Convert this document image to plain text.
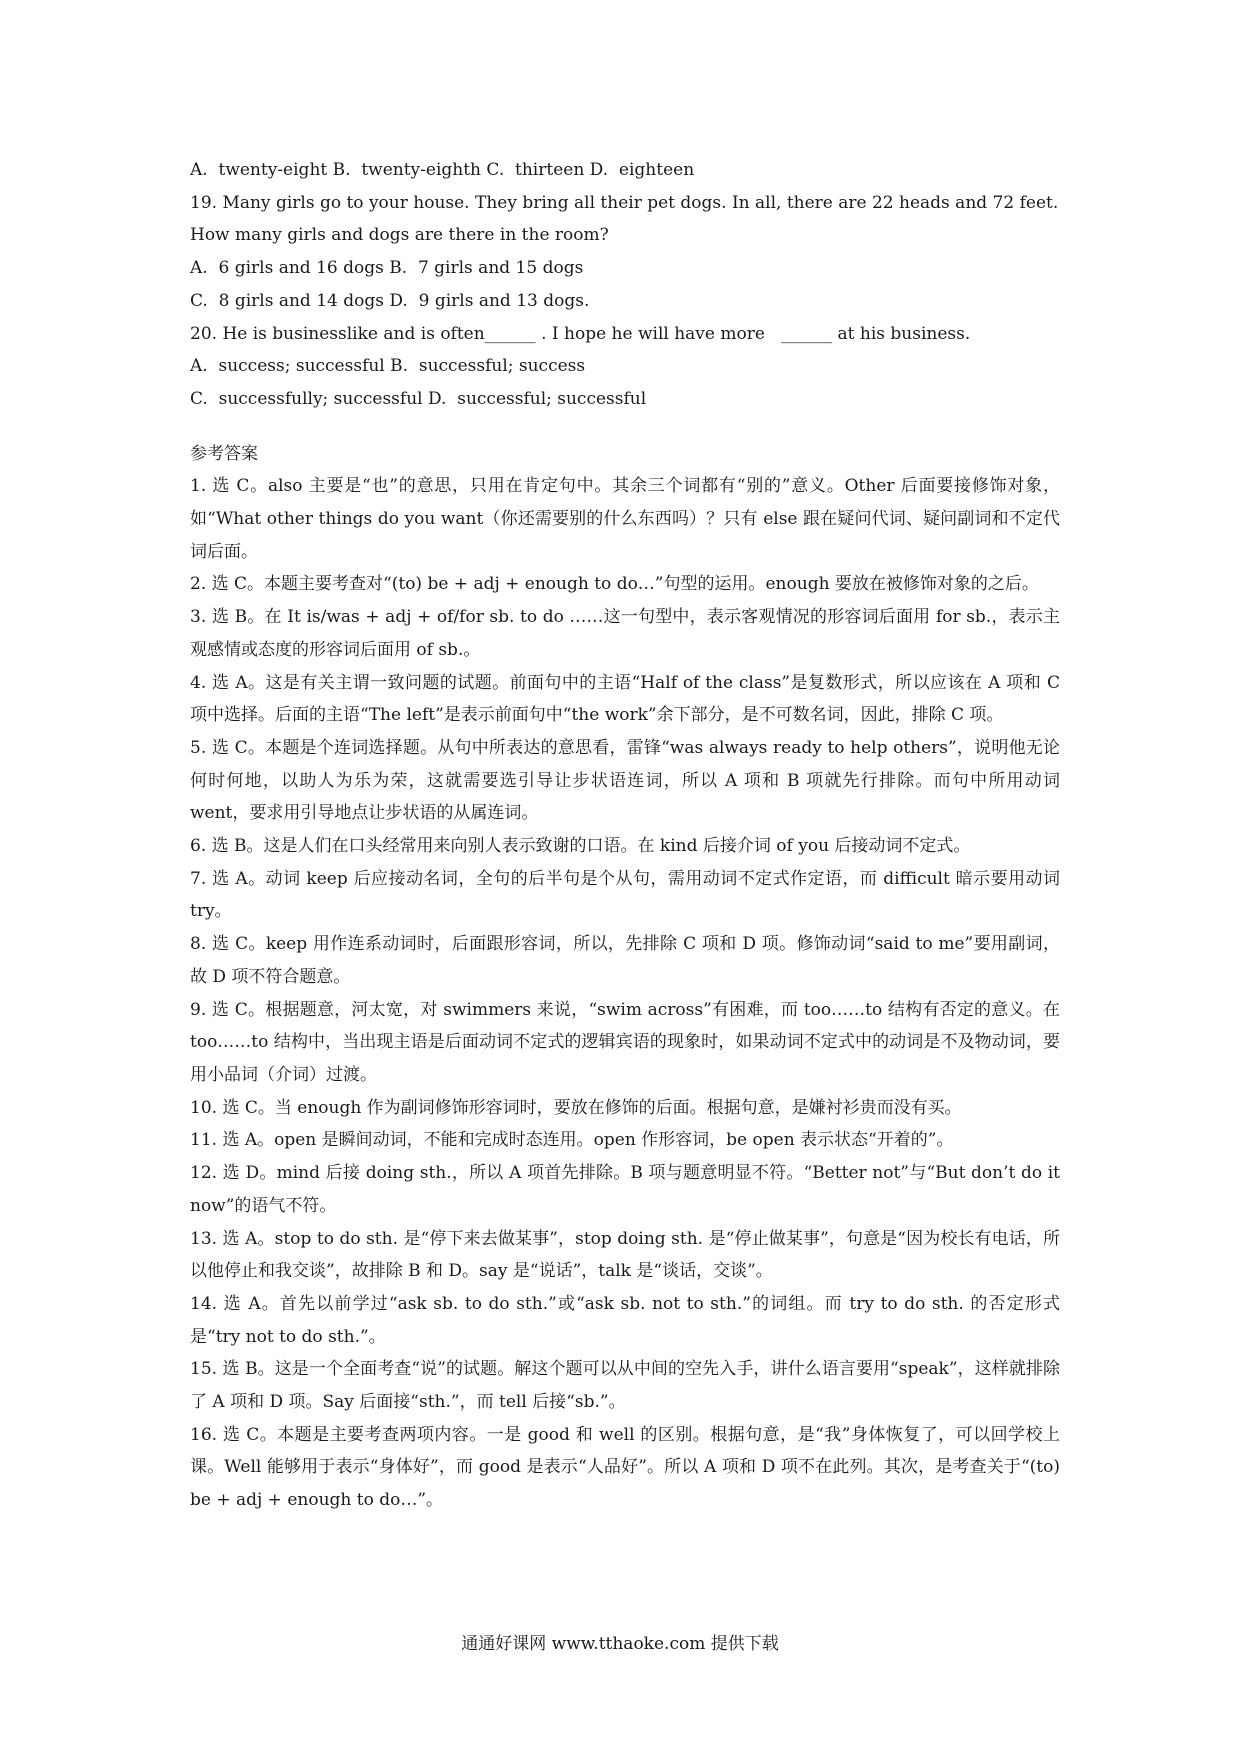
A.  twenty-eight B.  twenty-eighth C.  thirteen D.  eighteen

19. Many girls go to your house. They bring all their pet dogs. In all, there are 22 heads and 72 feet. How many girls and dogs are there in the room?

A.  6 girls and 16 dogs B.  7 girls and 15 dogs

C.  8 girls and 14 dogs D.  9 girls and 13 dogs.

20. He is businesslike and is often______ . I hope he will have more   ______ at his business.

A.  success; successful B.  successful; success

C.  successfully; successful D.  successful; successful

参考答案

1. 选 C。also 主要是“也”的意思，只用在肯定句中。其余三个词都有“别的”意义。Other 后面要接修饰对象，如“What other things do you want（你还需要别的什么东西吗）？只有 else 跟在疑问代词、疑问副词和不定代词后面。

2. 选 C。本题主要考查对“(to) be + adj + enough to do…”句型的运用。enough 要放在被修饰对象的之后。

3. 选 B。在 It is/was + adj + of/for sb. to do ……这一句型中，表示客观情况的形容词后面用 for sb.，表示主观感情或态度的形容词后面用 of sb.。

4. 选 A。这是有关主谓一致问题的试题。前面句中的主语“Half of the class”是复数形式，所以应该在 A 项和 C 项中选择。后面的主语“The left”是表示前面句中“the work”余下部分，是不可数名词，因此，排除 C 项。

5. 选 C。本题是个连词选择题。从句中所表达的意思看，雷锋“was always ready to help others”，说明他无论何时何地，以助人为乐为荣，这就需要选引导让步状语连词，所以 A 项和 B 项就先行排除。而句中所用动词 went，要求用引导地点让步状语的从属连词。

6. 选 B。这是人们在口头经常用来向别人表示致谢的口语。在 kind 后接介词 of you 后接动词不定式。

7. 选 A。动词 keep 后应接动名词，全句的后半句是个从句，需用动词不定式作定语，而 difficult 暗示要用动词 try。

8. 选 C。keep 用作连系动词时，后面跟形容词，所以，先排除 C 项和 D 项。修饰动词“said to me”要用副词，故 D 项不符合题意。

9. 选 C。根据题意，河太宽，对 swimmers 来说，“swim across”有困难，而 too……to 结构有否定的意义。在 too……to 结构中，当出现主语是后面动词不定式的逻辑宾语的现象时，如果动词不定式中的动词是不及物动词，要用小品词（介词）过渡。

10. 选 C。当 enough 作为副词修饰形容词时，要放在修饰的后面。根据句意，是嫌衬衫贵而没有买。

11. 选 A。open 是瞬间动词，不能和完成时态连用。open 作形容词，be open 表示状态“开着的”。

12. 选 D。mind 后接 doing sth.，所以 A 项首先排除。B 项与题意明显不符。“Better not”与“But don’t do it now”的语气不符。

13. 选 A。stop to do sth. 是“停下来去做某事”，stop doing sth. 是“停止做某事”，句意是“因为校长有电话，所以他停止和我交谈”，故排除 B 和 D。say 是“说话”，talk 是“谈话，交谈”。

14. 选 A。首先以前学过“ask sb. to do sth.”或“ask sb. not to sth.”的词组。而 try to do sth. 的否定形式是“try not to do sth.”。

15. 选 B。这是一个全面考查“说”的试题。解这个题可以从中间的空先入手，讲什么语言要用“speak”，这样就排除了 A 项和 D 项。Say 后面接“sth.”，而 tell 后接“sb.”。

16. 选 C。本题是主要考查两项内容。一是 good 和 well 的区别。根据句意，是“我”身体恢复了，可以回学校上课。Well 能够用于表示“身体好”，而 good 是表示“人品好”。所以 A 项和 D 项不在此列。其次，是考查关于“(to) be + adj + enough to do…”。

通通好课网 www.tthaoke.com 提供下载
